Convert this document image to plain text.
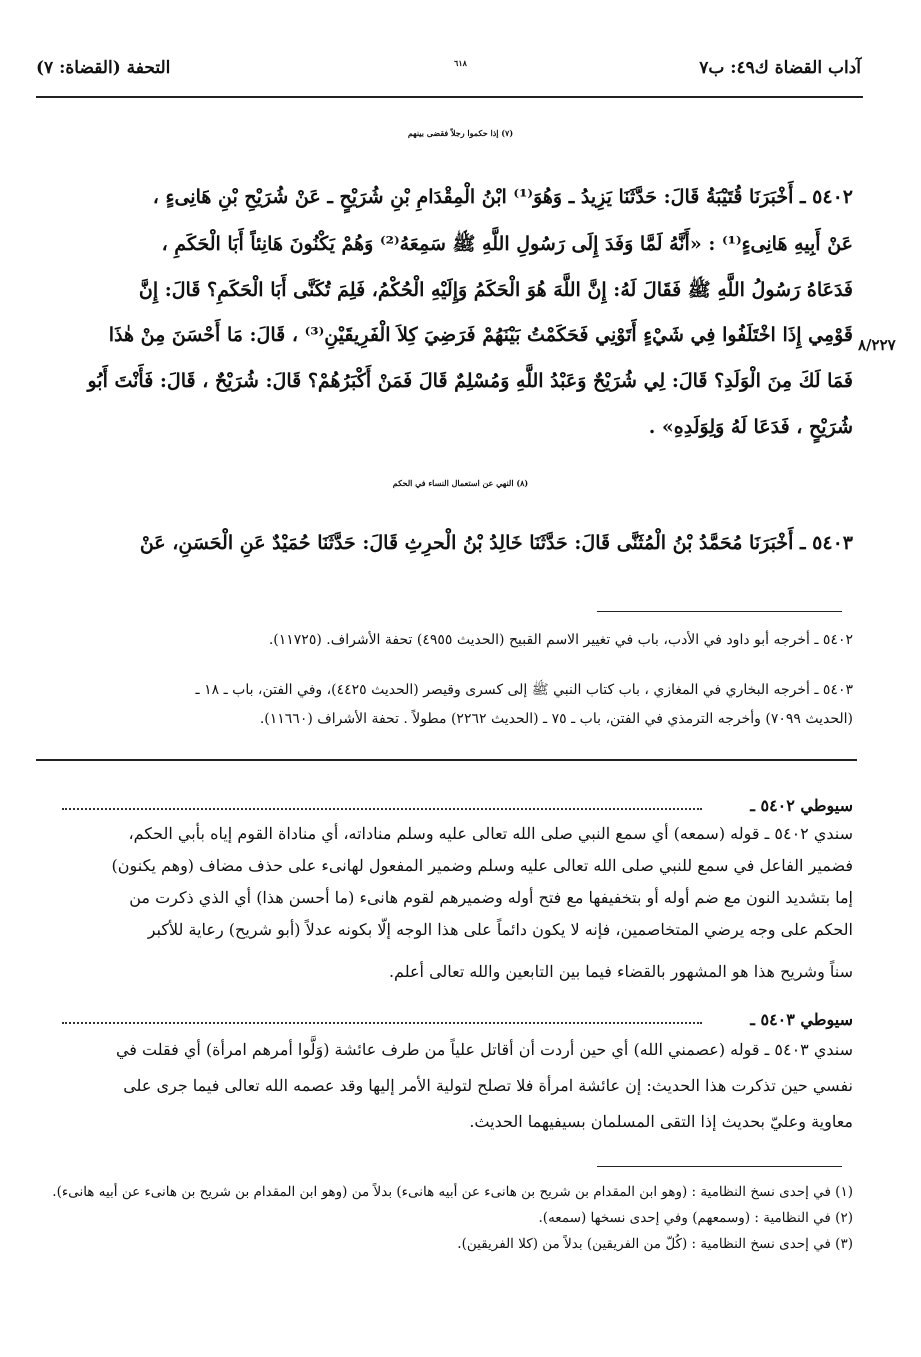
آداب القضاة ك٤٩: ب٧
٦١٨
التحفة (القضاة: ٧)
(٧) إذا حكموا رجلاً فقضى بينهم
٥٤٠٢ ـ أَخْبَرَنَا قُتَيْبَةُ قَالَ: حَدَّثَنَا يَزِيدُ ـ وَهُوَ⁽¹⁾ ابْنُ الْمِقْدَامِ بْنِ شُرَيْحٍ ـ عَنْ شُرَيْحِ بْنِ هَانِىءٍ ،
عَنْ أَبِيهِ هَانِىءٍ⁽¹⁾ : «أَنَّهُ لَمَّا وَفَدَ إِلَى رَسُولِ اللَّهِ ﷺ سَمِعَهُ⁽²⁾ وَهُمْ يَكْنُونَ هَانِئاً أَبَا الْحَكَمِ ،
فَدَعَاهُ رَسُولُ اللَّهِ ﷺ فَقَالَ لَهُ: إِنَّ اللَّهَ هُوَ الْحَكَمُ وَإِلَيْهِ الْحُكْمُ، فَلِمَ تُكَنَّى أَبَا الْحَكَمِ؟ قَالَ: إِنَّ
قَوْمِي إِذَا اخْتَلَفُوا فِي شَيْءٍ أَتَوْنِي فَحَكَمْتُ بَيْنَهُمْ فَرَضِيَ كِلاَ الْفَرِيقَيْنِ⁽³⁾ ، قَالَ: مَا أَحْسَنَ مِنْ هٰذَا ٨/٢٢٧
فَمَا لَكَ مِنَ الْوَلَدِ؟ قَالَ: لِي شُرَيْحٌ وَعَبْدُ اللَّهِ وَمُسْلِمٌ قَالَ فَمَنْ أَكْبَرُهُمْ؟ قَالَ: شُرَيْحٌ ، قَالَ: فَأَنْتَ أَبُو
شُرَيْحٍ ، فَدَعَا لَهُ وَلِوَلَدِهِ» .
(٨) النهي عن استعمال النساء في الحكم
٥٤٠٣ ـ أَخْبَرَنَا مُحَمَّدُ بْنُ الْمُثَنَّى قَالَ: حَدَّثَنَا خَالِدُ بْنُ الْحرِثِ قَالَ: حَدَّثَنَا حُمَيْدٌ عَنِ الْحَسَنِ، عَنْ
٥٤٠٢ ـ أخرجه أبو داود في الأدب، باب في تغيير الاسم القبيح (الحديث ٤٩٥٥) تحفة الأشراف. (١١٧٢٥).
٥٤٠٣ ـ أخرجه البخاري في المغازي ، باب كتاب النبي ﷺ إلى كسرى وقيصر (الحديث ٤٤٢٥)، وفي الفتن، باب ـ ١٨ ـ
(الحديث ٧٠٩٩) وأخرجه الترمذي في الفتن، باب ـ ٧٥ ـ (الحديث ٢٢٦٢) مطولاً . تحفة الأشراف (١١٦٦٠).
سيوطي ٥٤٠٢ ـ
سندي ٥٤٠٢ ـ قوله (سمعه) أي سمع النبي صلى الله تعالى عليه وسلم مناداته، أي مناداة القوم إياه بأبي الحكم،
فضمير الفاعل في سمع للنبي صلى الله تعالى عليه وسلم وضمير المفعول لهانىء على حذف مضاف (وهم يكنون)
إما بتشديد النون مع ضم أوله أو بتخفيفها مع فتح أوله وضميرهم لقوم هانىء (ما أحسن هذا) أي الذي ذكرت من
الحكم على وجه يرضي المتخاصمين، فإنه لا يكون دائماً على هذا الوجه إلّا بكونه عدلاً (أبو شريح) رعاية للأكبر
سناً وشريح هذا هو المشهور بالقضاء فيما بين التابعين والله تعالى أعلم.
سيوطي ٥٤٠٣ ـ
سندي ٥٤٠٣ ـ قوله (عصمني الله) أي حين أردت أن أقاتل علياً من طرف عائشة (وَلَّوا أمرهم امرأة) أي فقلت في
نفسي حين تذكرت هذا الحديث: إن عائشة امرأة فلا تصلح لتولية الأمر إليها وقد عصمه الله تعالى فيما جرى على
معاوية وعليّ بحديث إذا التقى المسلمان بسيفيهما الحديث.
(١) في إحدى نسخ النظامية : (وهو ابن المقدام بن شريح بن هانىء عن أبيه هانىء) بدلاً من (وهو ابن المقدام بن شريح بن هانىء عن أبيه هانىء).
(٢) في النظامية : (وسمعهم) وفي إحدى نسخها (سمعه).
(٣) في إحدى نسخ النظامية : (كُلّ من الفريقين) بدلاً من (كلا الفريقين).
